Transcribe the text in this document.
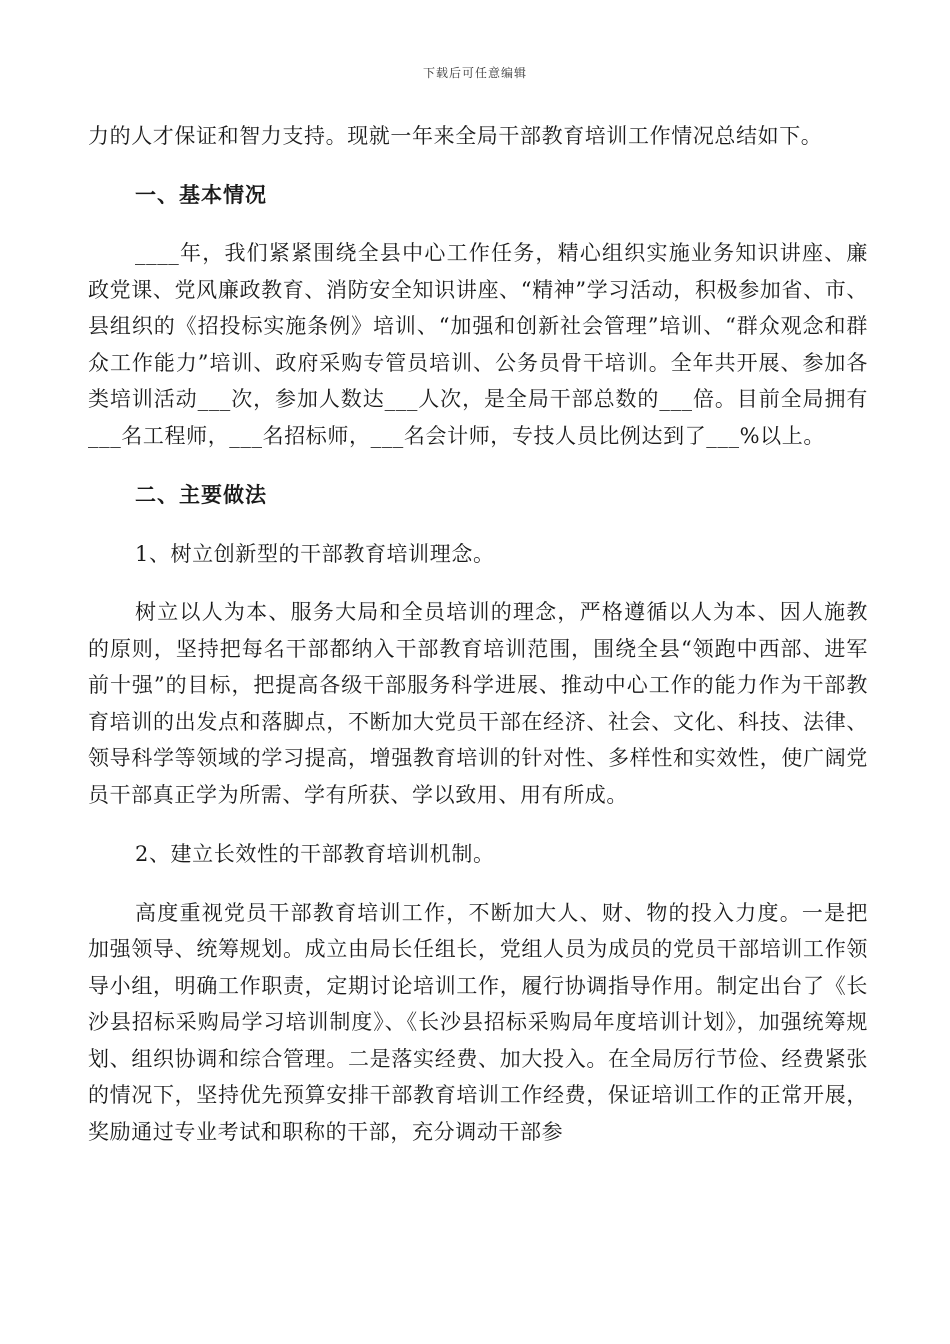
下载后可任意编辑

力的人才保证和智力支持。现就一年来全局干部教育培训工作情况总结如下。

一、基本情况

____年，我们紧紧围绕全县中心工作任务，精心组织实施业务知识讲座、廉政党课、党风廉政教育、消防安全知识讲座、“精神”学习活动，积极参加省、市、县组织的《招投标实施条例》培训、“加强和创新社会管理”培训、“群众观念和群众工作能力”培训、政府采购专管员培训、公务员骨干培训。全年共开展、参加各类培训活动___次，参加人数达___人次，是全局干部总数的___倍。目前全局拥有___名工程师，___名招标师，___名会计师，专技人员比例达到了___%以上。

二、主要做法

1、树立创新型的干部教育培训理念。

树立以人为本、服务大局和全员培训的理念，严格遵循以人为本、因人施教的原则，坚持把每名干部都纳入干部教育培训范围，围绕全县“领跑中西部、进军前十强”的目标，把提高各级干部服务科学进展、推动中心工作的能力作为干部教育培训的出发点和落脚点，不断加大党员干部在经济、社会、文化、科技、法律、领导科学等领域的学习提高，增强教育培训的针对性、多样性和实效性，使广阔党员干部真正学为所需、学有所获、学以致用、用有所成。

2、建立长效性的干部教育培训机制。

高度重视党员干部教育培训工作，不断加大人、财、物的投入力度。一是把加强领导、统筹规划。成立由局长任组长，党组人员为成员的党员干部培训工作领导小组，明确工作职责，定期讨论培训工作，履行协调指导作用。制定出台了《长沙县招标采购局学习培训制度》、《长沙县招标采购局年度培训计划》，加强统筹规划、组织协调和综合管理。二是落实经费、加大投入。在全局厉行节俭、经费紧张的情况下，坚持优先预算安排干部教育培训工作经费，保证培训工作的正常开展，奖励通过专业考试和职称的干部，充分调动干部参
